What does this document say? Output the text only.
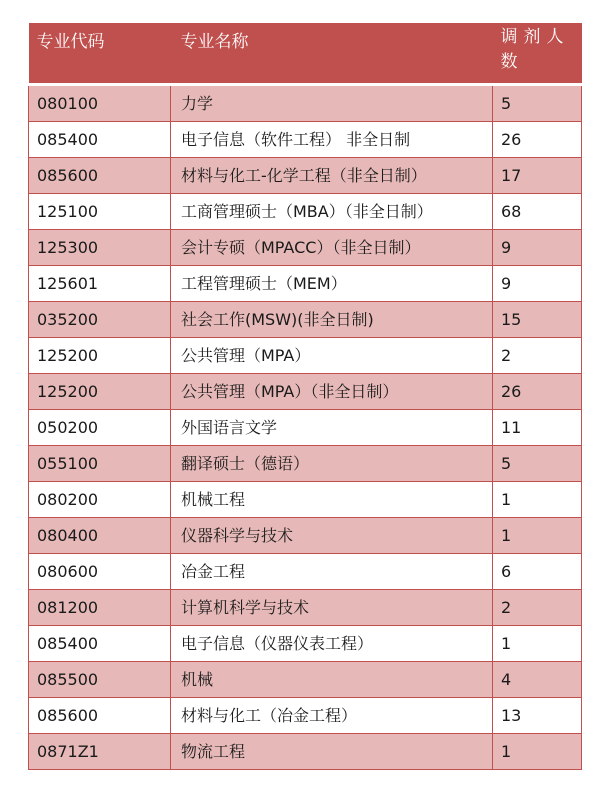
专业代码	专业名称	调剂人数
080100	力学	5
085400	电子信息（软件工程） 非全日制	26
085600	材料与化工-化学工程（非全日制）	17
125100	工商管理硕士（MBA）（非全日制）	68
125300	会计专硕（MPACC）（非全日制）	9
125601	工程管理硕士（MEM）	9
035200	社会工作(MSW)(非全日制)	15
125200	公共管理（MPA）	2
125200	公共管理（MPA）（非全日制）	26
050200	外国语言文学	11
055100	翻译硕士（德语）	5
080200	机械工程	1
080400	仪器科学与技术	1
080600	冶金工程	6
081200	计算机科学与技术	2
085400	电子信息（仪器仪表工程）	1
085500	机械	4
085600	材料与化工（冶金工程）	13
0871Z1	物流工程	1
